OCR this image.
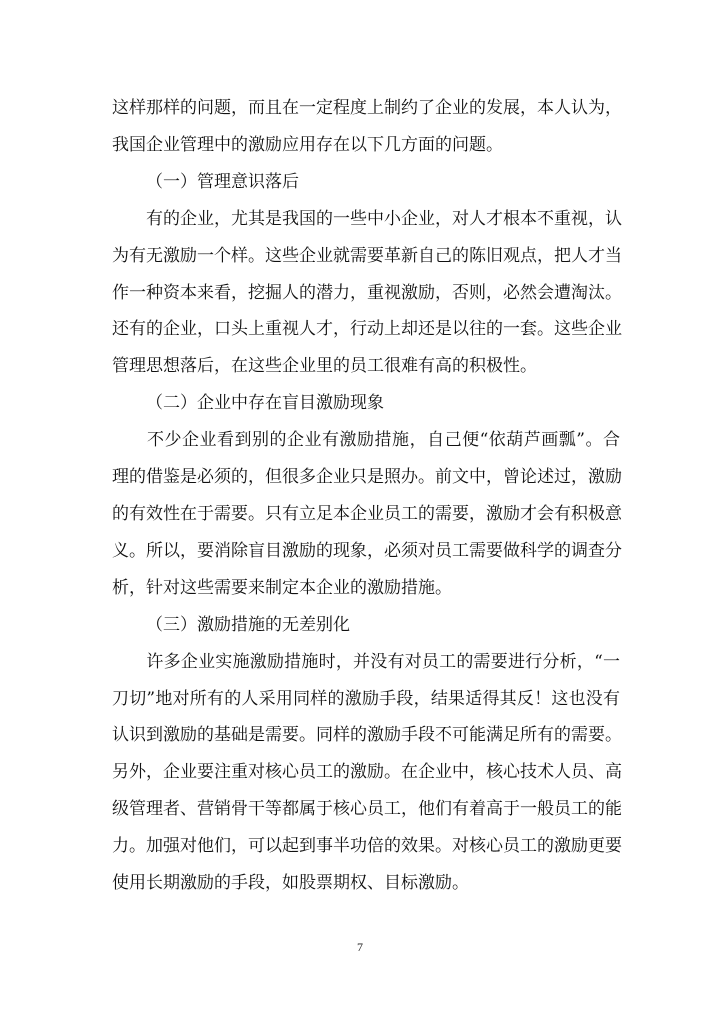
这样那样的问题，而且在一定程度上制约了企业的发展，本人认为，
我国企业管理中的激励应用存在以下几方面的问题。

（一）管理意识落后

　　有的企业，尤其是我国的一些中小企业，对人才根本不重视，认
为有无激励一个样。这些企业就需要革新自己的陈旧观点，把人才当
作一种资本来看，挖掘人的潜力，重视激励，否则，必然会遭淘汰。
还有的企业，口头上重视人才，行动上却还是以往的一套。这些企业
管理思想落后，在这些企业里的员工很难有高的积极性。

（二）企业中存在盲目激励现象

　　不少企业看到别的企业有激励措施，自己便“依葫芦画瓢”。合
理的借鉴是必须的，但很多企业只是照办。前文中，曾论述过，激励
的有效性在于需要。只有立足本企业员工的需要，激励才会有积极意
义。所以，要消除盲目激励的现象，必须对员工需要做科学的调查分
析，针对这些需要来制定本企业的激励措施。

（三）激励措施的无差别化

　　许多企业实施激励措施时，并没有对员工的需要进行分析，“一
刀切”地对所有的人采用同样的激励手段，结果适得其反！这也没有
认识到激励的基础是需要。同样的激励手段不可能满足所有的需要。
另外，企业要注重对核心员工的激励。在企业中，核心技术人员、高
级管理者、营销骨干等都属于核心员工，他们有着高于一般员工的能
力。加强对他们，可以起到事半功倍的效果。对核心员工的激励更要
使用长期激励的手段，如股票期权、目标激励。

7
